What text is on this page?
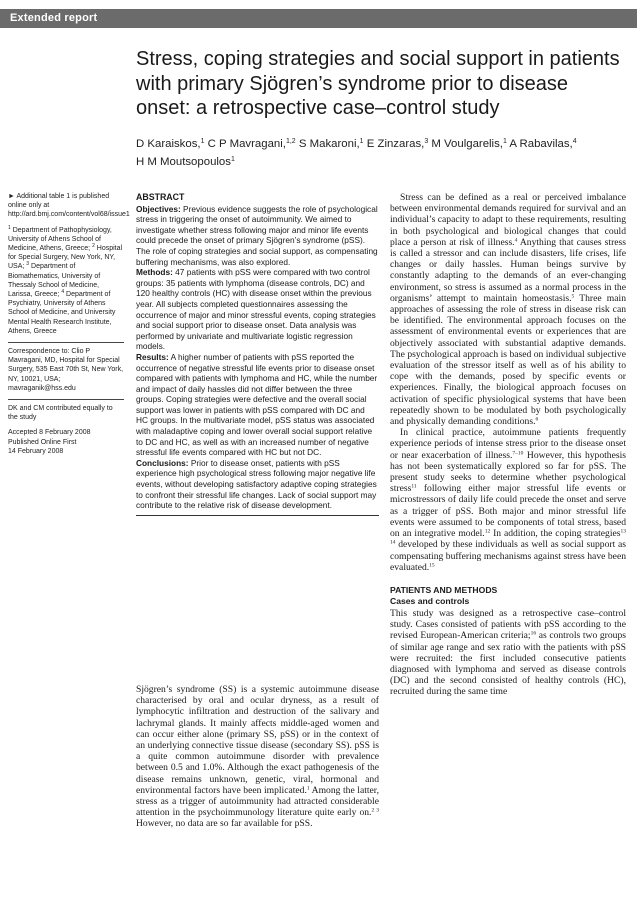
Extended report
Stress, coping strategies and social support in patients with primary Sjögren’s syndrome prior to disease onset: a retrospective case–control study
D Karaiskos,$^1$ C P Mavragani,$^{1,2}$ S Makaroni,$^1$ E Zinzaras,$^3$ M Voulgarelis,$^1$ A Rabavilas,$^4$
H M Moutsopoulos$^1$
► Additional table 1 is published online only at http://ard.bmj.com/content/vol68/issue1
$^1$ Department of Pathophysiology, University of Athens School of Medicine, Athens, Greece; $^2$ Hospital for Special Surgery, New York, NY, USA; $^3$ Department of Biomathematics, University of Thessaly School of Medicine, Larissa, Greece; $^4$ Department of Psychiatry, University of Athens School of Medicine, and University Mental Health Research Institute, Athens, Greece
Correspondence to: Clio P Mavragani, MD, Hospital for Special Surgery, 535 East 70th St, New York, NY, 10021, USA; mavraganik@hss.edu
DK and CM contributed equally to the study
Accepted 8 February 2008
Published Online First
14 February 2008
ABSTRACT

Objectives: Previous evidence suggests the role of psychological stress in triggering the onset of autoimmunity. We aimed to investigate whether stress following major and minor life events could precede the onset of primary Sjögren’s syndrome (pSS). The role of coping strategies and social support, as compensating buffering mechanisms, was also explored.

Methods: 47 patients with pSS were compared with two control groups: 35 patients with lymphoma (disease controls, DC) and 120 healthy controls (HC) with disease onset within the previous year. All subjects completed questionnaires assessing the occurrence of major and minor stressful events, coping strategies and social support prior to disease onset. Data analysis was performed by univariate and multivariate logistic regression models.

Results: A higher number of patients with pSS reported the occurrence of negative stressful life events prior to disease onset compared with patients with lymphoma and HC, while the number and impact of daily hassles did not differ between the three groups. Coping strategies were defective and the overall social support was lower in patients with pSS compared with DC and HC groups. In the multivariate model, pSS status was associated with maladaptive coping and lower overall social support relative to DC and HC, as well as with an increased number of negative stressful life events compared with HC but not DC.

Conclusions: Prior to disease onset, patients with pSS experience high psychological stress following major negative life events, without developing satisfactory adaptive coping strategies to confront their stressful life changes. Lack of social support may contribute to the relative risk of disease development.

Sjögren’s syndrome (SS) is a systemic autoimmune disease characterised by oral and ocular dryness, as a result of lymphocytic infiltration and destruction of the salivary and lachrymal glands. It mainly affects middle-aged women and can occur either alone (primary SS, pSS) or in the context of an underlying connective tissue disease (secondary SS). pSS is a quite common autoimmune disorder with prevalence between 0.5 and 1.0%. Although the exact pathogenesis of the disease remains unknown, genetic, viral, hormonal and environmental factors have been implicated.$^1$ Among the latter, stress as a trigger of autoimmunity had attracted considerable attention in the psychoimmunology literature quite early on.$^{2 3}$ However, no data are so far available for pSS.

Stress can be defined as a real or perceived imbalance between environmental demands required for survival and an individual’s capacity to adapt to these requirements, resulting in both psychological and biological changes that could place a person at risk of illness.$^4$ Anything that causes stress is called a stressor and can include disasters, life crises, life changes or daily hassles. Human beings survive by constantly adapting to the demands of an ever-changing environment, so stress is assumed as a normal process in the organisms’ attempt to maintain homeostasis.$^5$ Three main approaches of assessing the role of stress in disease risk can be identified. The environmental approach focuses on the assessment of environmental events or experiences that are objectively associated with substantial adaptive demands. The psychological approach is based on individual subjective evaluation of the stressor itself as well as of his ability to cope with the demands, posed by specific events or experiences. Finally, the biological approach focuses on activation of specific physiological systems that have been repeatedly shown to be modulated by both psychologically and physically demanding conditions.$^6$

In clinical practice, autoimmune patients frequently experience periods of intense stress prior to the disease onset or near exacerbation of illness.$^{7-10}$ However, this hypothesis has not been systematically explored so far for pSS. The present study seeks to determine whether psychological stress$^{11}$ following either major stressful life events or microstressors of daily life could precede the onset and serve as a trigger of pSS. Both major and minor stressful life events were assumed to be components of total stress, based on an integrative model.$^{12}$ In addition, the coping strategies$^{13 14}$ developed by these individuals as well as social support as compensating buffering mechanisms against stress have been evaluated.$^{15}$

PATIENTS AND METHODS
Cases and controls

This study was designed as a retrospective case–control study. Cases consisted of patients with pSS according to the revised European-American criteria;$^{16}$ as controls two groups of similar age range and sex ratio with the patients with pSS were recruited: the first included consecutive patients diagnosed with lymphoma and served as disease controls (DC) and the second consisted of healthy controls (HC), recruited during the same time
